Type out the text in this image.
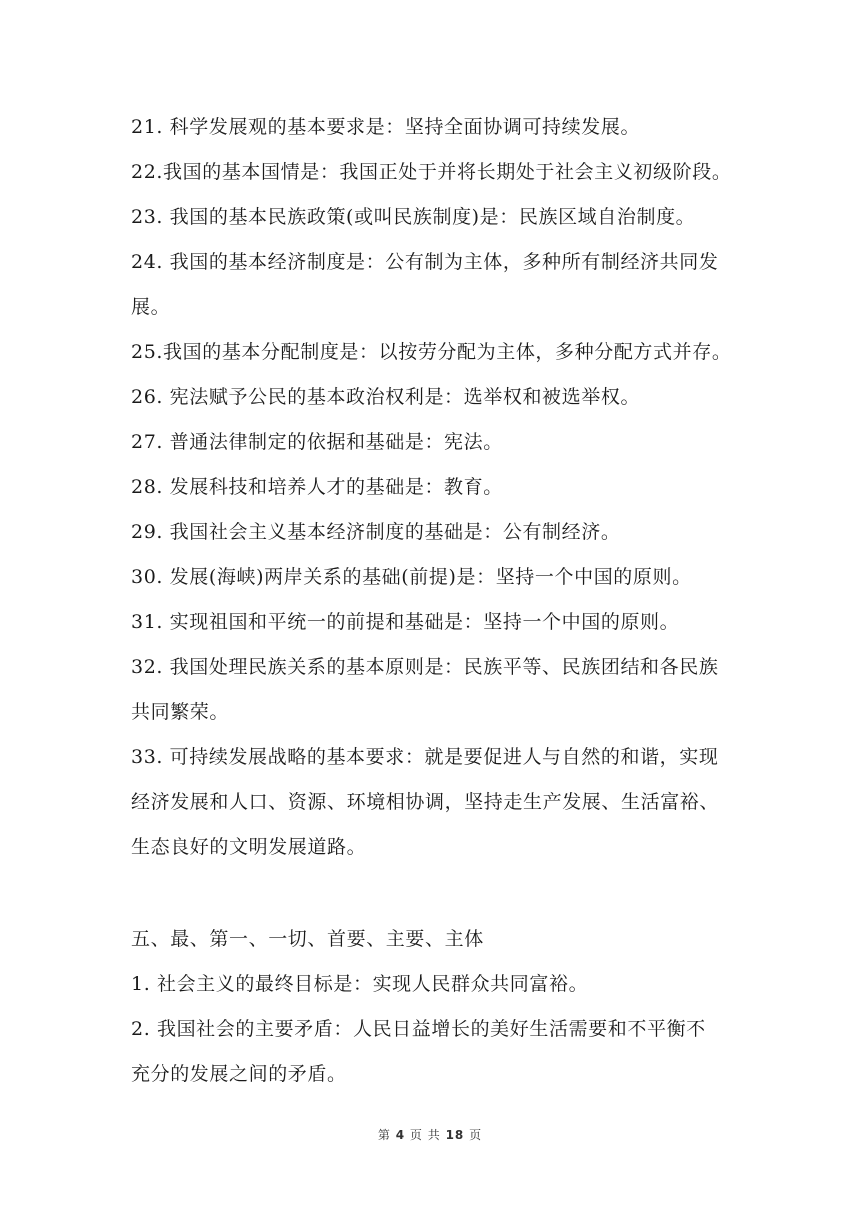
21. 科学发展观的基本要求是：坚持全面协调可持续发展。
22.我国的基本国情是：我国正处于并将长期处于社会主义初级阶段。
23. 我国的基本民族政策(或叫民族制度)是：民族区域自治制度。
24. 我国的基本经济制度是：公有制为主体，多种所有制经济共同发
展。
25.我国的基本分配制度是：以按劳分配为主体，多种分配方式并存。
26. 宪法赋予公民的基本政治权利是：选举权和被选举权。
27. 普通法律制定的依据和基础是：宪法。
28. 发展科技和培养人才的基础是：教育。
29. 我国社会主义基本经济制度的基础是：公有制经济。
30. 发展(海峡)两岸关系的基础(前提)是：坚持一个中国的原则。
31. 实现祖国和平统一的前提和基础是：坚持一个中国的原则。
32. 我国处理民族关系的基本原则是：民族平等、民族团结和各民族
共同繁荣。
33. 可持续发展战略的基本要求：就是要促进人与自然的和谐，实现
经济发展和人口、资源、环境相协调，坚持走生产发展、生活富裕、
生态良好的文明发展道路。
五、最、第一、一切、首要、主要、主体
1. 社会主义的最终目标是：实现人民群众共同富裕。
2. 我国社会的主要矛盾：人民日益增长的美好生活需要和不平衡不
充分的发展之间的矛盾。
第 4 页 共 18 页
